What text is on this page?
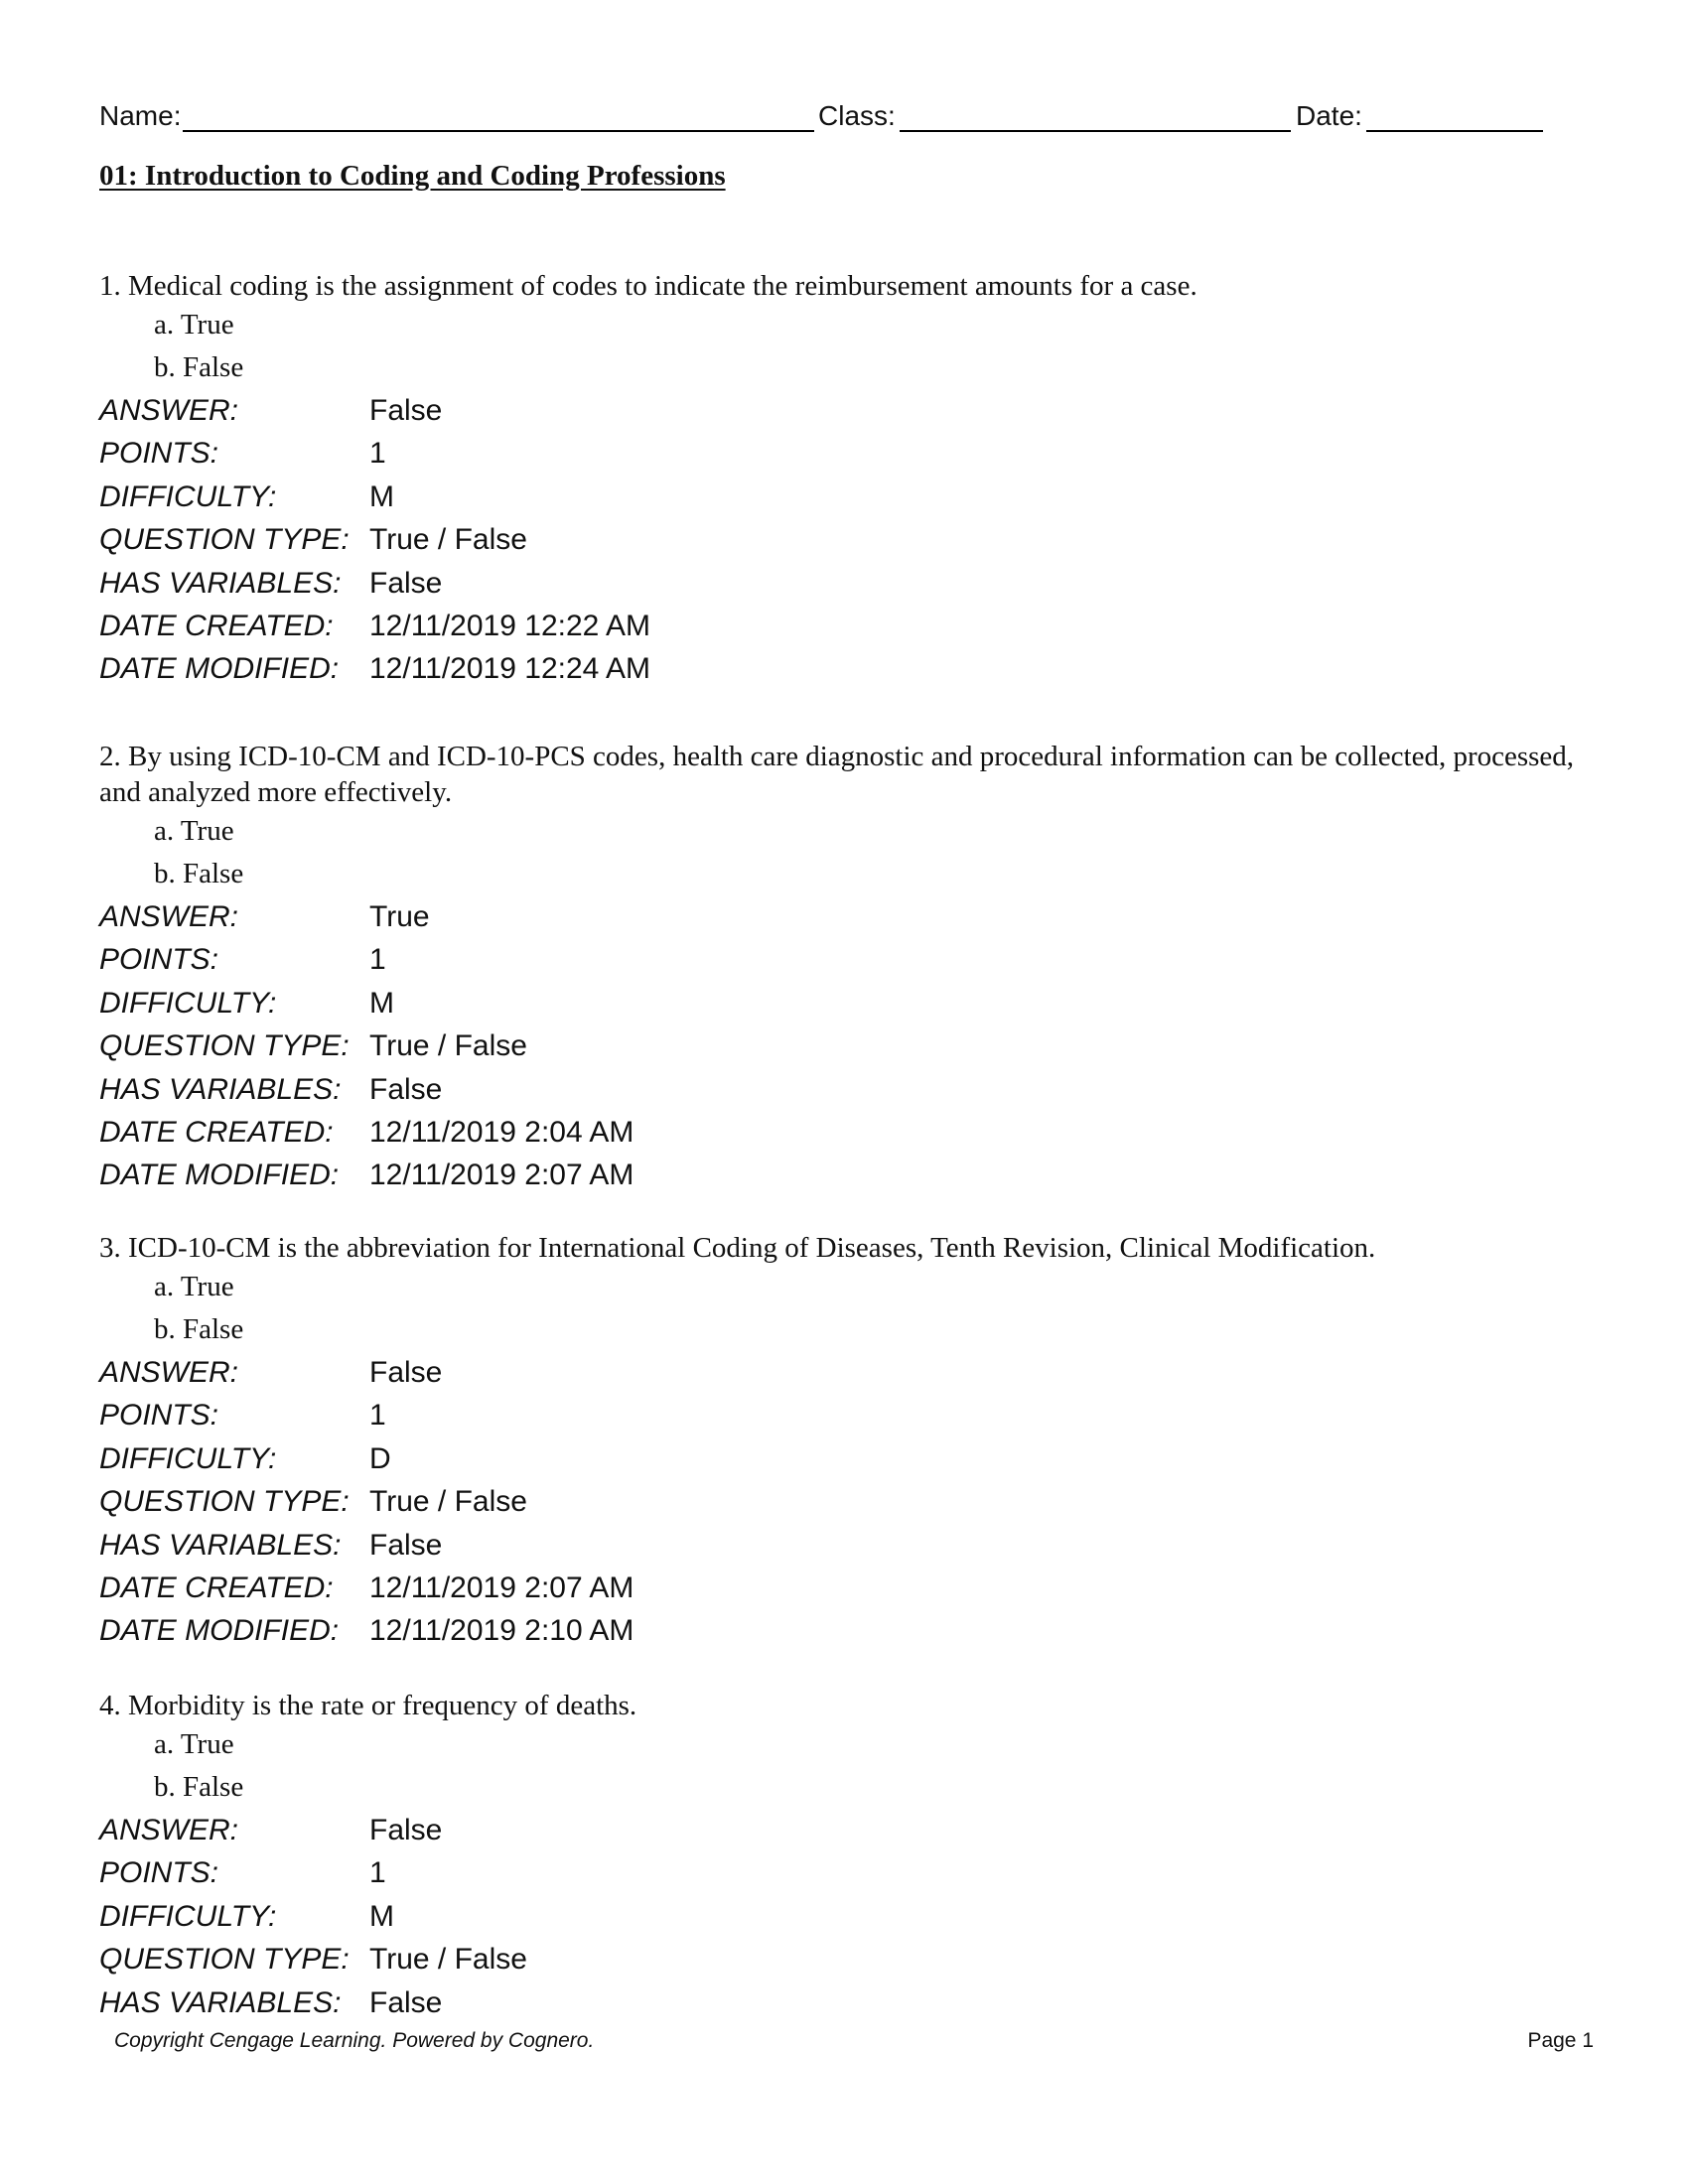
Name:	Class:	Date:
01: Introduction to Coding and Coding Professions
1. Medical coding is the assignment of codes to indicate the reimbursement amounts for a case.
a. True
b. False
ANSWER:	False
POINTS:	1
DIFFICULTY:	M
QUESTION TYPE: True / False
HAS VARIABLES: False
DATE CREATED: 12/11/2019 12:22 AM
DATE MODIFIED: 12/11/2019 12:24 AM
2. By using ICD-10-CM and ICD-10-PCS codes, health care diagnostic and procedural information can be collected, processed, and analyzed more effectively.
a. True
b. False
ANSWER:	True
POINTS:	1
DIFFICULTY:	M
QUESTION TYPE: True / False
HAS VARIABLES: False
DATE CREATED: 12/11/2019 2:04 AM
DATE MODIFIED: 12/11/2019 2:07 AM
3. ICD-10-CM is the abbreviation for International Coding of Diseases, Tenth Revision, Clinical Modification.
a. True
b. False
ANSWER:	False
POINTS:	1
DIFFICULTY:	D
QUESTION TYPE: True / False
HAS VARIABLES: False
DATE CREATED: 12/11/2019 2:07 AM
DATE MODIFIED: 12/11/2019 2:10 AM
4. Morbidity is the rate or frequency of deaths.
a. True
b. False
ANSWER:	False
POINTS:	1
DIFFICULTY:	M
QUESTION TYPE: True / False
HAS VARIABLES: False
Copyright Cengage Learning. Powered by Cognero.	Page 1
